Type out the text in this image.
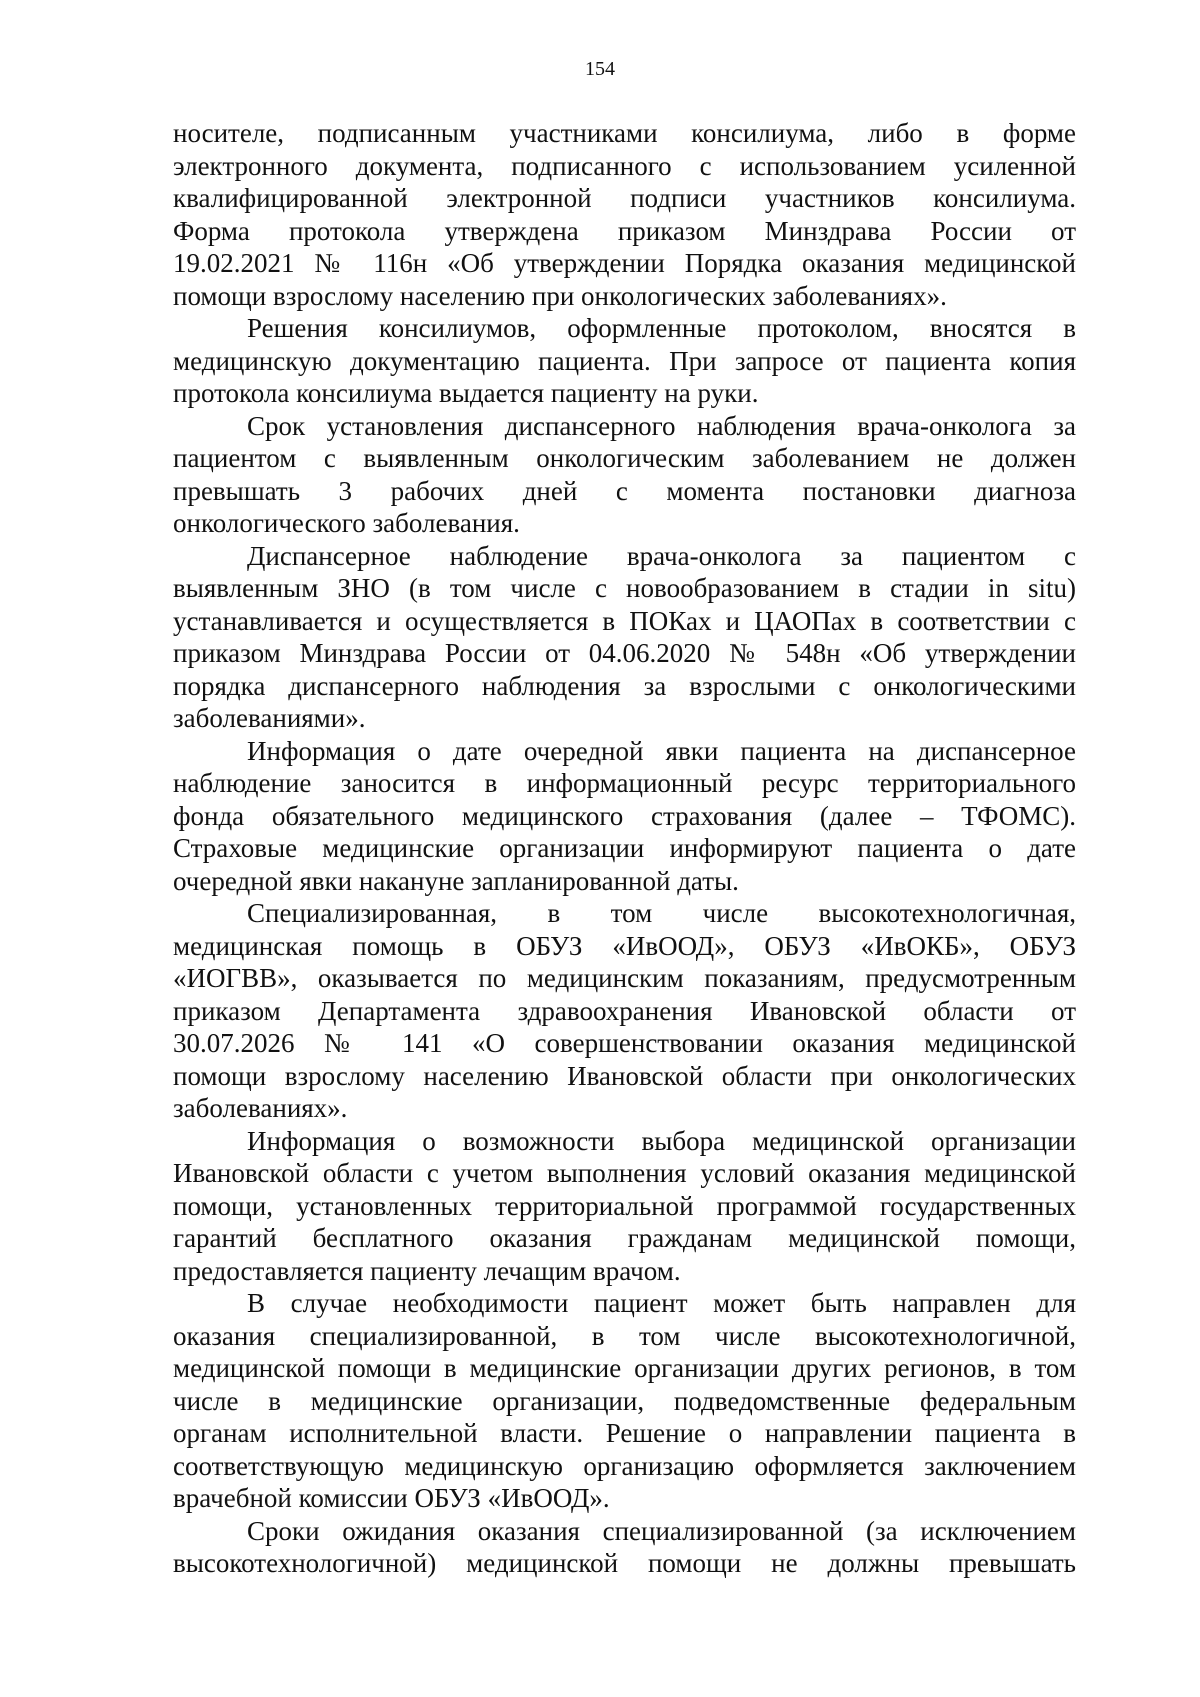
154
носителе, подписанным участниками консилиума, либо в форме
электронного документа, подписанного с использованием усиленной
квалифицированной электронной подписи участников консилиума.
Форма протокола утверждена приказом Минздрава России от
19.02.2021 № 116н «Об утверждении Порядка оказания медицинской
помощи взрослому населению при онкологических заболеваниях».
Решения консилиумов, оформленные протоколом, вносятся в
медицинскую документацию пациента. При запросе от пациента копия
протокола консилиума выдается пациенту на руки.
Срок установления диспансерного наблюдения врача-онколога за
пациентом с выявленным онкологическим заболеванием не должен
превышать 3 рабочих дней с момента постановки диагноза
онкологического заболевания.
Диспансерное наблюдение врача-онколога за пациентом с
выявленным ЗНО (в том числе с новообразованием в стадии in situ)
устанавливается и осуществляется в ПОКах и ЦАОПах в соответствии с
приказом Минздрава России от 04.06.2020 № 548н «Об утверждении
порядка диспансерного наблюдения за взрослыми с онкологическими
заболеваниями».
Информация о дате очередной явки пациента на диспансерное
наблюдение заносится в информационный ресурс территориального
фонда обязательного медицинского страхования (далее – ТФОМС).
Страховые медицинские организации информируют пациента о дате
очередной явки накануне запланированной даты.
Специализированная, в том числе высокотехнологичная,
медицинская помощь в ОБУЗ «ИвООД», ОБУЗ «ИвОКБ», ОБУЗ
«ИОГВВ», оказывается по медицинским показаниям, предусмотренным
приказом Департамента здравоохранения Ивановской области от
30.07.2026 № 141 «О совершенствовании оказания медицинской
помощи взрослому населению Ивановской области при онкологических
заболеваниях».
Информация о возможности выбора медицинской организации
Ивановской области с учетом выполнения условий оказания медицинской
помощи, установленных территориальной программой государственных
гарантий бесплатного оказания гражданам медицинской помощи,
предоставляется пациенту лечащим врачом.
В случае необходимости пациент может быть направлен для
оказания специализированной, в том числе высокотехнологичной,
медицинской помощи в медицинские организации других регионов, в том
числе в медицинские организации, подведомственные федеральным
органам исполнительной власти. Решение о направлении пациента в
соответствующую медицинскую организацию оформляется заключением
врачебной комиссии ОБУЗ «ИвООД».
Сроки ожидания оказания специализированной (за исключением
высокотехнологичной) медицинской помощи не должны превышать
